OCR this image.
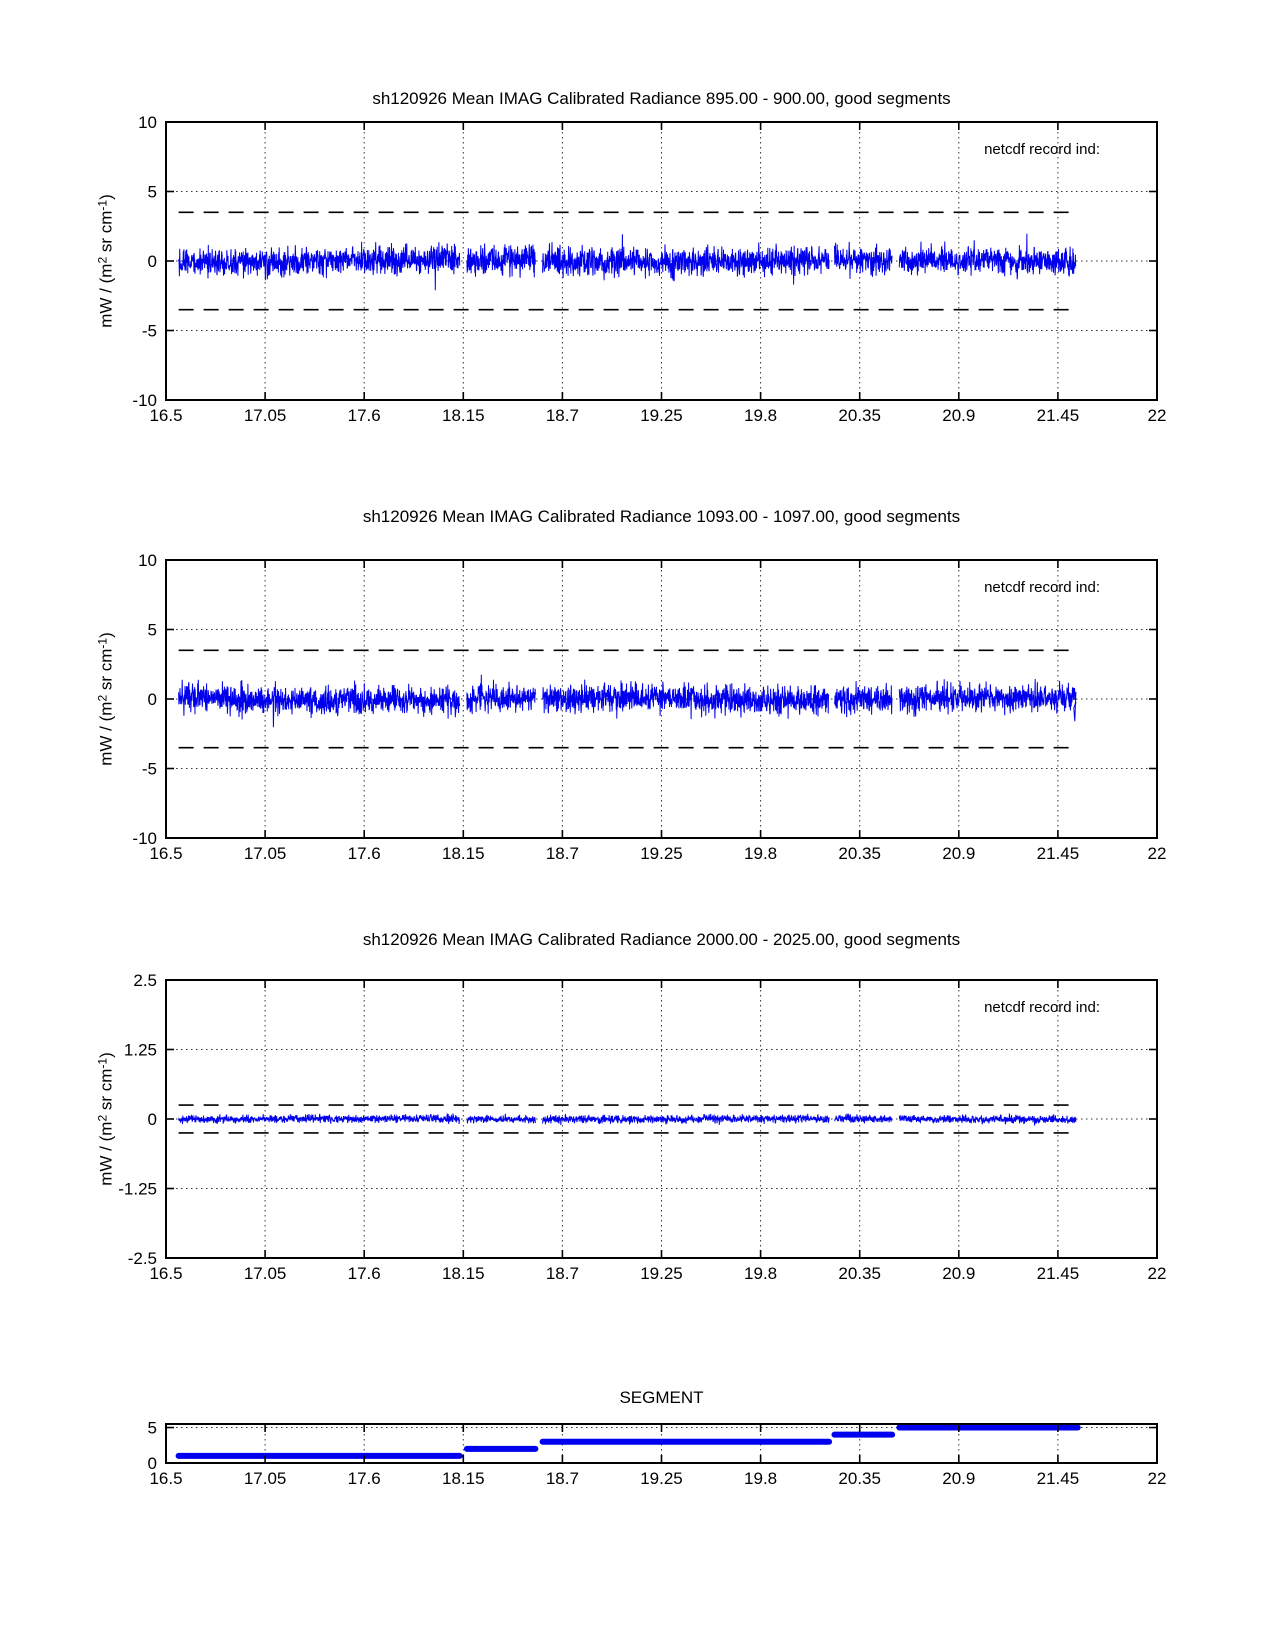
16.5	17.05	17.6	18.15	18.7	19.25	19.8	20.35	20.9	21.45	22
10
5
0
-5
-10
16.5	17.05	17.6	18.15	18.7	19.25	19.8	20.35	20.9	21.45	22
10
5
0
-5
-10
16.5	17.05	17.6	18.15	18.7	19.25	19.8	20.35	20.9	21.45	22
2.5
1.25
0
-1.25
-2.5
16.5	17.05	17.6	18.15	18.7	19.25	19.8	20.35	20.9	21.45	22
5
0
sh120926 Mean IMAG Calibrated Radiance 895.00 - 900.00, good segments
sh120926 Mean IMAG Calibrated Radiance 1093.00 - 1097.00, good segments
sh120926 Mean IMAG Calibrated Radiance 2000.00 - 2025.00, good segments
SEGMENT
netcdf record ind:
netcdf record ind:
netcdf record ind:
mW / ($m^2$ sr $cm^{-1}$)
mW / ($m^2$ sr $cm^{-1}$)
mW / ($m^2$ sr $cm^{-1}$)
